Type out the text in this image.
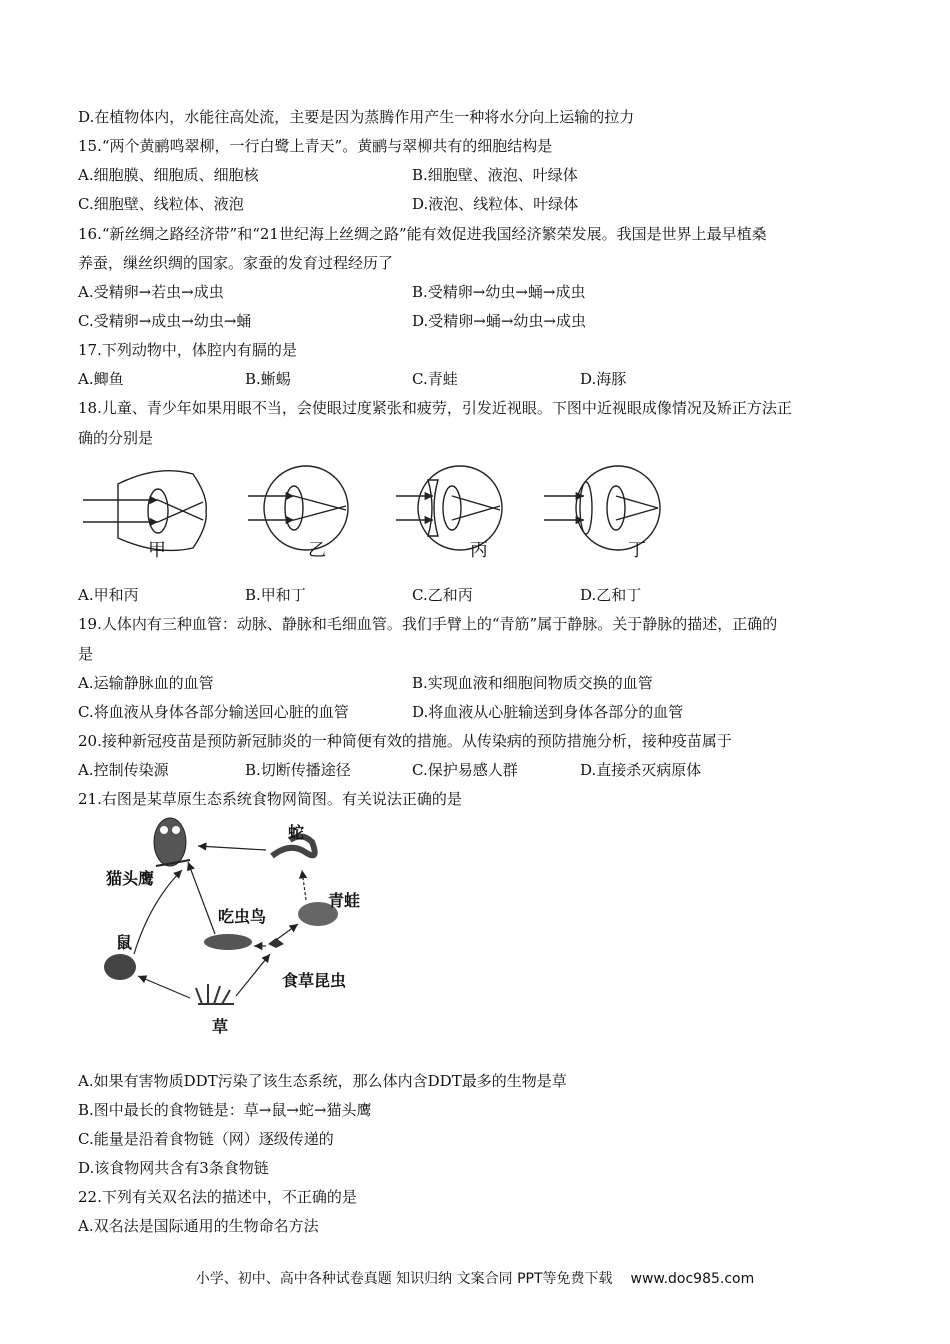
D.在植物体内，水能往高处流，主要是因为蒸腾作用产生一种将水分向上运输的拉力
15.“两个黄鹂鸣翠柳，一行白鹭上青天”。黄鹂与翠柳共有的细胞结构是
A.细胞膜、细胞质、细胞核	B.细胞壁、液泡、叶绿体
C.细胞壁、线粒体、液泡	D.液泡、线粒体、叶绿体
16.“新丝绸之路经济带”和“21世纪海上丝绸之路”能有效促进我国经济繁荣发展。我国是世界上最早植桑
养蚕，缫丝织绸的国家。家蚕的发育过程经历了
A.受精卵→若虫→成虫	B.受精卵→幼虫→蛹→成虫
C.受精卵→成虫→幼虫→蛹	D.受精卵→蛹→幼虫→成虫
17.下列动物中，体腔内有膈的是
A.鲫鱼	B.蜥蜴	C.青蛙	D.海豚
18.儿童、青少年如果用眼不当，会使眼过度紧张和疲劳，引发近视眼。下图中近视眼成像情况及矫正方法正
确的分别是
甲	乙	丙	丁
A.甲和丙	B.甲和丁	C.乙和丙	D.乙和丁
19.人体内有三种血管：动脉、静脉和毛细血管。我们手臂上的“青筋”属于静脉。关于静脉的描述，正确的
是
A.运输静脉血的血管	B.实现血液和细胞间物质交换的血管
C.将血液从身体各部分输送回心脏的血管	D.将血液从心脏输送到身体各部分的血管
20.接种新冠疫苗是预防新冠肺炎的一种简便有效的措施。从传染病的预防措施分析，接种疫苗属于
A.控制传染源	B.切断传播途径	C.保护易感人群	D.直接杀灭病原体
21.右图是某草原生态系统食物网简图。有关说法正确的是
猫头鹰
蛇
青蛙
吃虫鸟
鼠
食草昆虫
草
A.如果有害物质DDT污染了该生态系统，那么体内含DDT最多的生物是草
B.图中最长的食物链是：草→鼠→蛇→猫头鹰
C.能量是沿着食物链（网）逐级传递的
D.该食物网共含有3条食物链
22.下列有关双名法的描述中，不正确的是
A.双名法是国际通用的生物命名方法
小学、初中、高中各种试卷真题 知识归纳 文案合同 PPT等免费下载 www.doc985.com
